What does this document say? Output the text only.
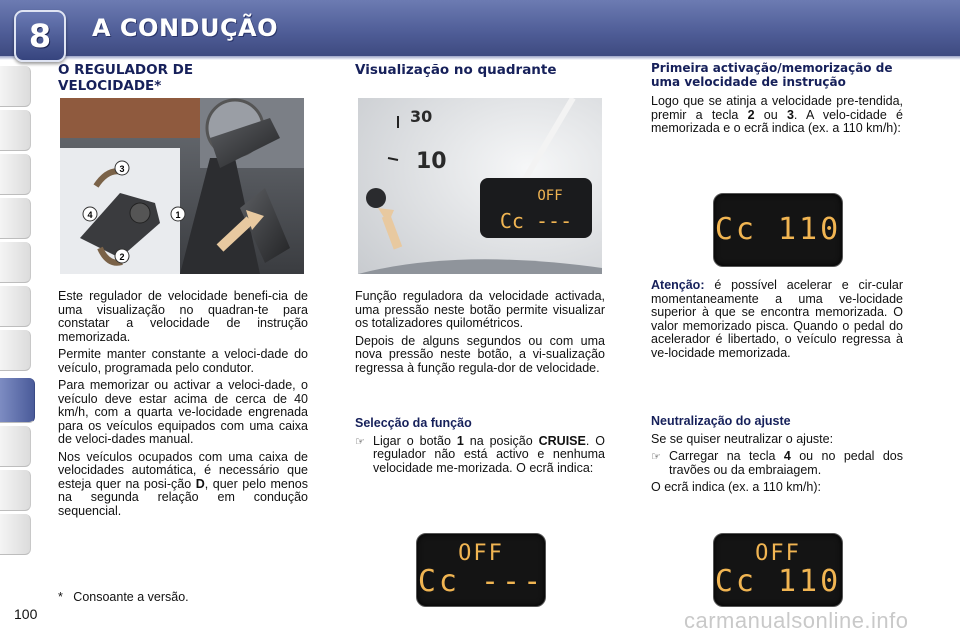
8 A CONDUÇÃO
O REGULADOR DE VELOCIDADE*
3
4	1
2

Este regulador de velocidade benefi-cia de uma visualização no quadran-te para constatar a velocidade de instrução memorizada.

Permite manter constante a veloci-dade do veículo, programada pelo condutor.

Para memorizar ou activar a veloci-dade, o veículo deve estar acima de cerca de 40 km/h, com a quarta ve-locidade engrenada para os veículos equipados com uma caixa de veloci-dades manual.

Nos veículos ocupados com uma caixa de velocidades automática, é necessário que esteja quer na posi-ção D, quer pelo menos na segunda relação em condução sequencial.

* Consoante a versão.
100
Visualização no quadrante
30
10
OFF
Cc ---

Função reguladora da velocidade activada, uma pressão neste botão permite visualizar os totalizadores quilométricos.

Depois de alguns segundos ou com uma nova pressão neste botão, a vi-sualização regressa à função regula-dor de velocidade.

Selecção da função

☞ Ligar o botão 1 na posição CRUISE. O regulador não está activo e nenhuma velocidade me-morizada. O ecrã indica:
OFF
Cc ---
Primeira activação/memorização de uma velocidade de instrução

Logo que se atinja a velocidade pre-tendida, premir a tecla 2 ou 3. A velo-cidade é memorizada e o ecrã indica (ex. a 110 km/h):

Cc 110

Atenção: é possível acelerar e cir-cular momentaneamente a uma ve-locidade superior à que se encontra memorizada. O valor memorizado pisca. Quando o pedal do acelerador é libertado, o veículo regressa à ve-locidade memorizada.

Neutralização do ajuste

Se se quiser neutralizar o ajuste:

☞ Carregar na tecla 4 ou no pedal dos travões ou da embraiagem.

O ecrã indica (ex. a 110 km/h):

OFF
Cc 110
carmanualsonline.info
